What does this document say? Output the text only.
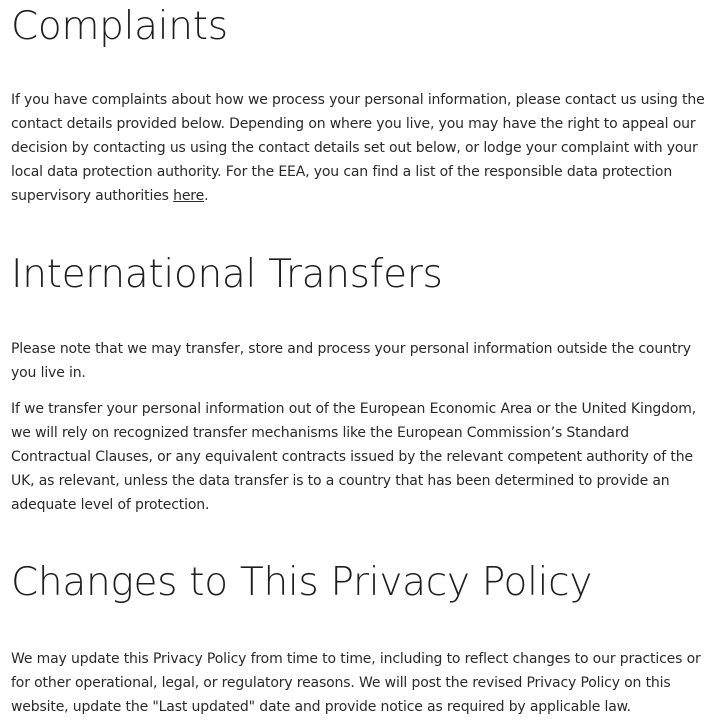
Complaints

If you have complaints about how we process your personal information, please contact us using the contact details provided below. Depending on where you live, you may have the right to appeal our decision by contacting us using the contact details set out below, or lodge your complaint with your local data protection authority. For the EEA, you can find a list of the responsible data protection supervisory authorities here.

International Transfers

Please note that we may transfer, store and process your personal information outside the country you live in.

If we transfer your personal information out of the European Economic Area or the United Kingdom, we will rely on recognized transfer mechanisms like the European Commission’s Standard Contractual Clauses, or any equivalent contracts issued by the relevant competent authority of the UK, as relevant, unless the data transfer is to a country that has been determined to provide an adequate level of protection.

Changes to This Privacy Policy

We may update this Privacy Policy from time to time, including to reflect changes to our practices or for other operational, legal, or regulatory reasons. We will post the revised Privacy Policy on this website, update the "Last updated" date and provide notice as required by applicable law.
